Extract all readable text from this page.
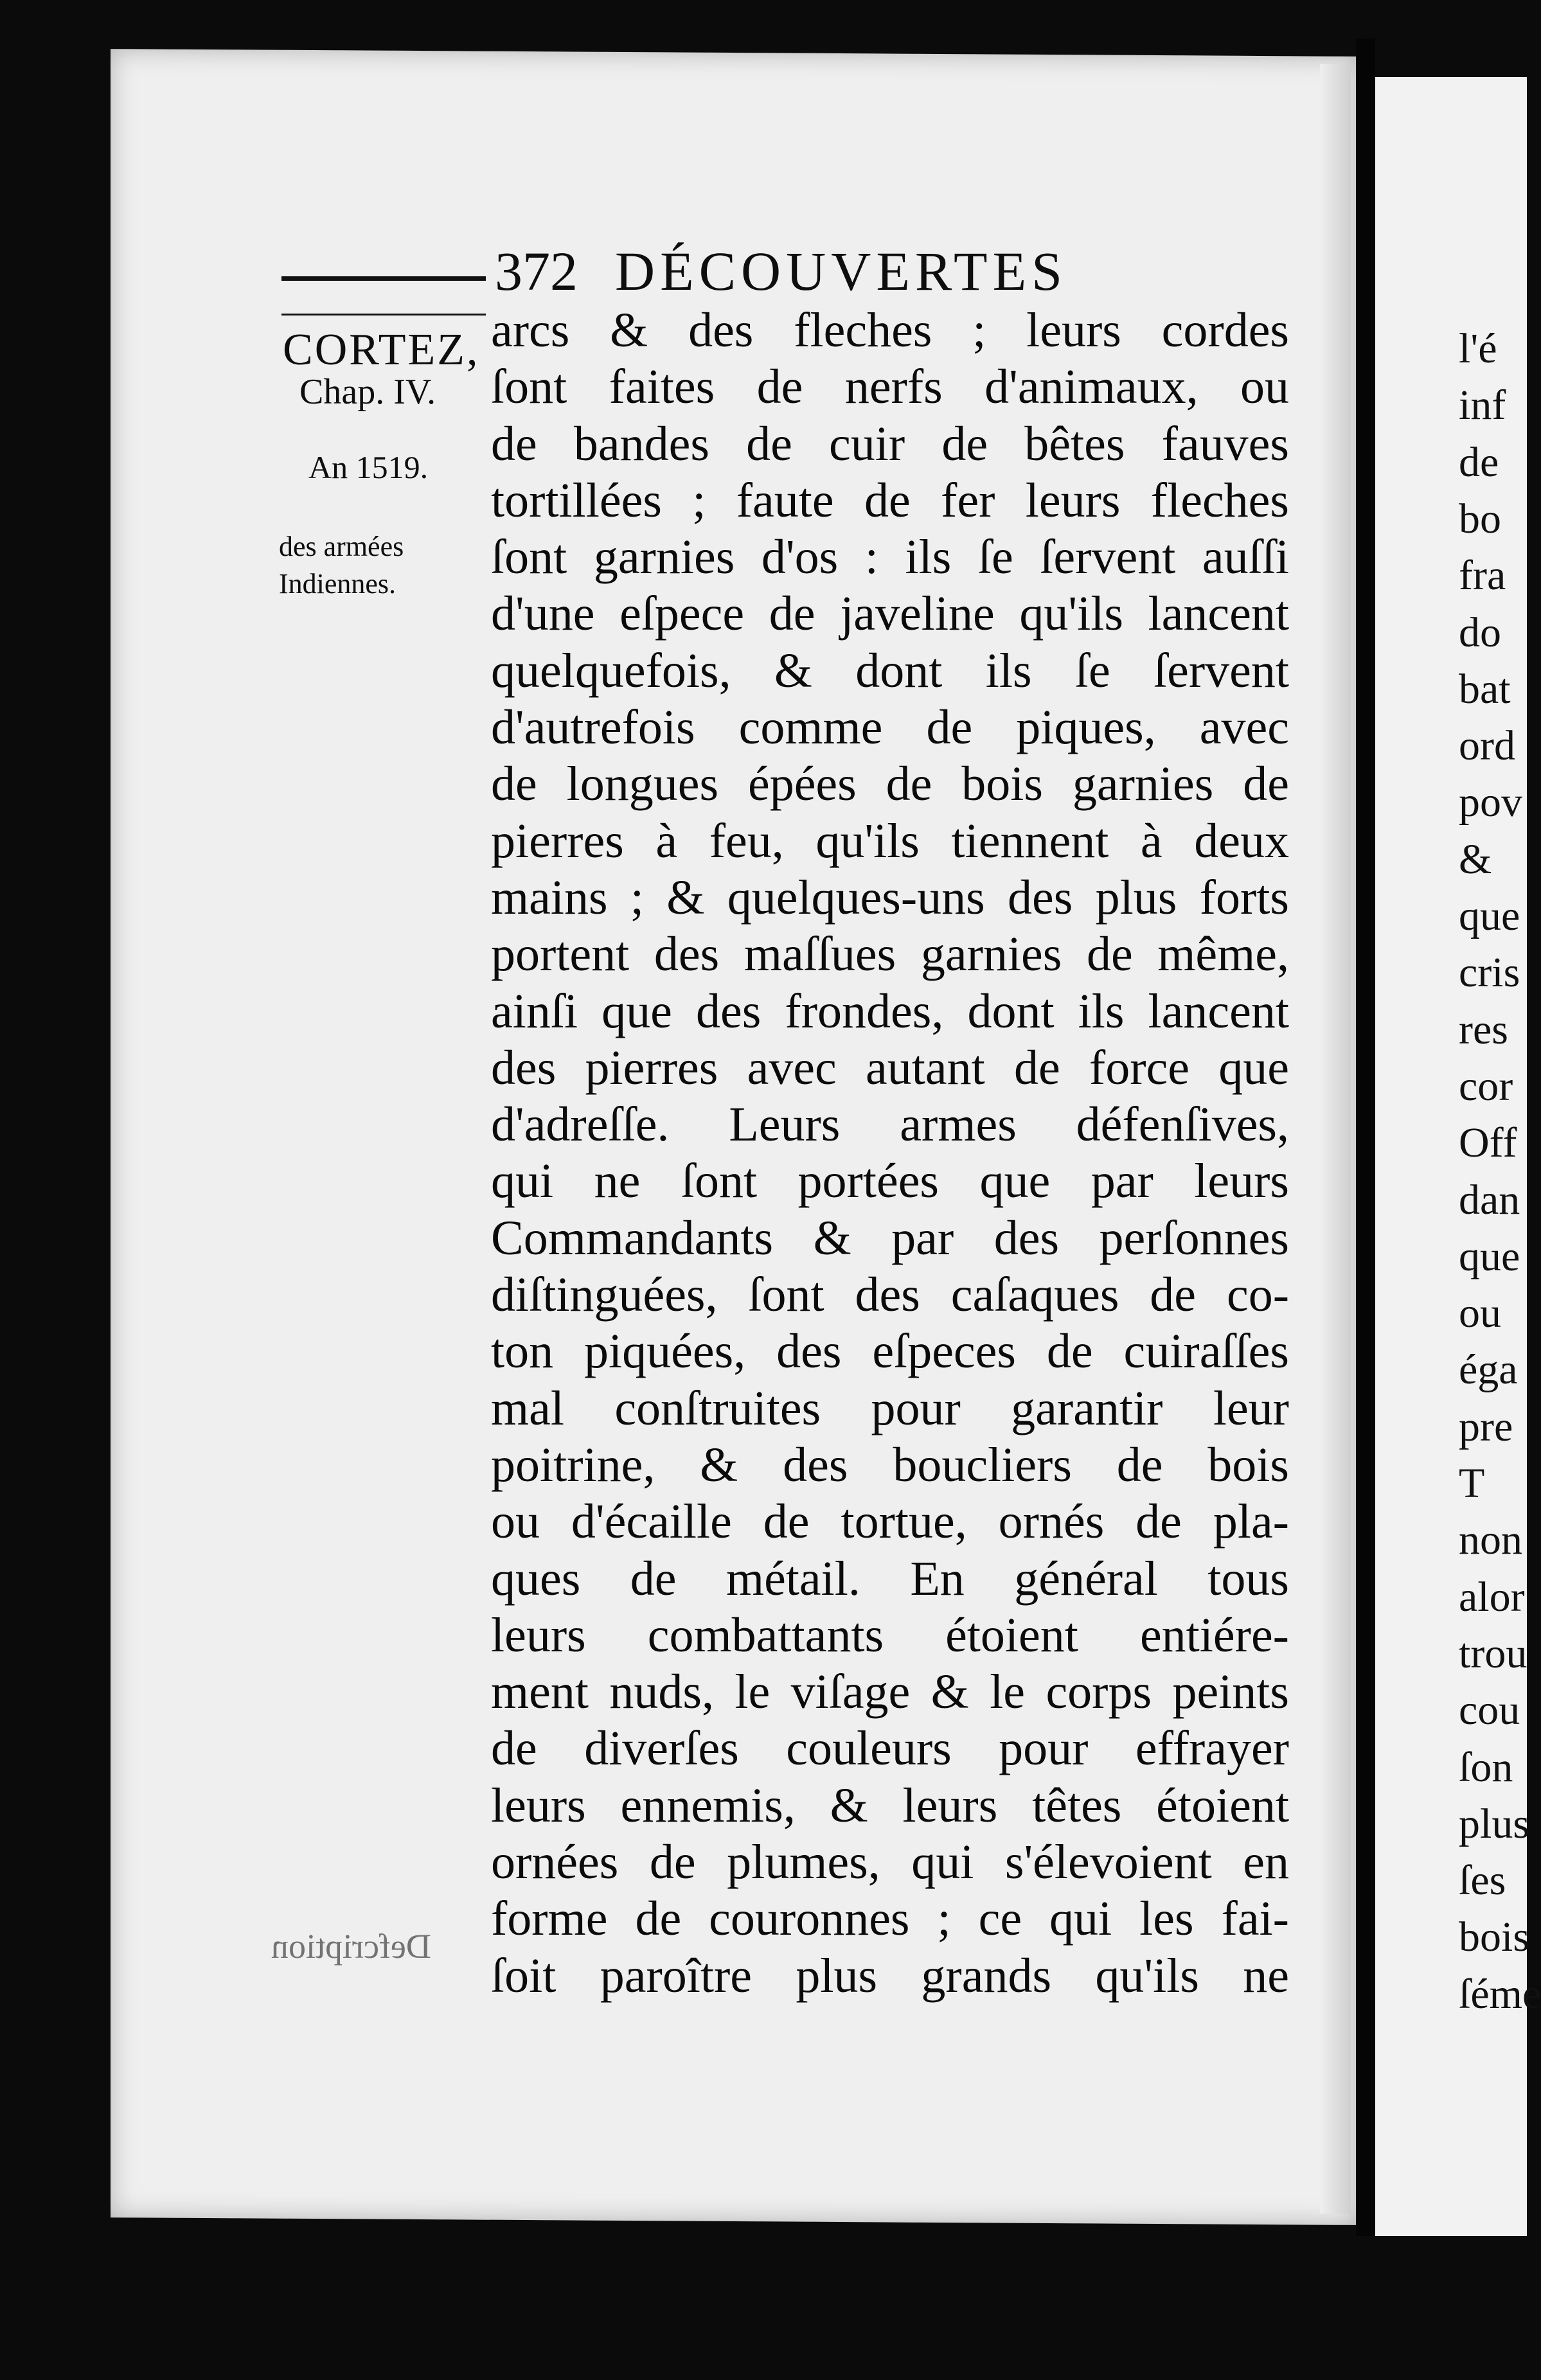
l'é
inf
de
bo
fra
do
bat
ord
pov
&
que
cris
res
cor
Off
dan
que
ou
éga
pre
T
non
alor
trou
cou
ſon
plus
ſes
bois
ſéme
372 DÉCOUVERTES
CORTEZ,
Chap. IV.
An 1519.
des armées
Indiennes.
Defcription
arcs & des fleches ; leurs cordes
ſont faites de nerfs d'animaux, ou
de bandes de cuir de bêtes fauves
tortillées ; faute de fer leurs fleches
ſont garnies d'os : ils ſe ſervent auſſi
d'une eſpece de javeline qu'ils lancent
quelquefois, & dont ils ſe ſervent
d'autrefois comme de piques, avec
de longues épées de bois garnies de
pierres à feu, qu'ils tiennent à deux
mains ; & quelques-uns des plus forts
portent des maſſues garnies de même,
ainſi que des frondes, dont ils lancent
des pierres avec autant de force que
d'adreſſe. Leurs armes défenſives,
qui ne ſont portées que par leurs
Commandants & par des perſonnes
diſtinguées, ſont des caſaques de co-
ton piquées, des eſpeces de cuiraſſes
mal conſtruites pour garantir leur
poitrine, & des boucliers de bois
ou d'écaille de tortue, ornés de pla-
ques de métail. En général tous
leurs combattants étoient entiére-
ment nuds, le viſage & le corps peints
de diverſes couleurs pour effrayer
leurs ennemis, & leurs têtes étoient
ornées de plumes, qui s'élevoient en
forme de couronnes ; ce qui les fai-
ſoit paroître plus grands qu'ils ne
